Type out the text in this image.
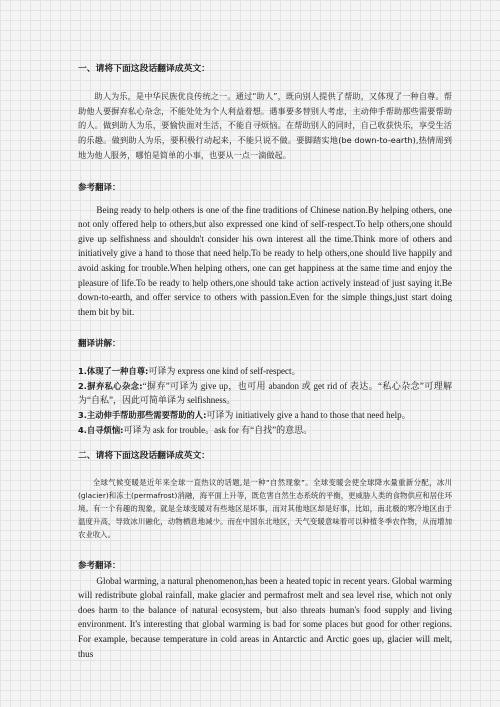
一、请将下面这段话翻译成英文：

助人为乐，是中华民族优良传统之一。通过“助人”，既向别人提供了帮助，又体现了一种自尊。帮助他人要摒弃私心杂念，不能处处为个人利益着想。遇事要多替别人考虑，主动伸手帮助那些需要帮助的人。做到助人为乐，要愉快面对生活，不能自寻烦恼。在帮助别人的同时，自己收获快乐，享受生活的乐趣。做到助人为乐，要积极行动起来，不能只说不做。要脚踏实地(be down-to-earth),热情周到地为他人服务，哪怕是简单的小事，也要从一点一滴做起。

参考翻译：

Being ready to help others is one of the fine traditions of Chinese nation.By helping others, one not only offered help to others,but also expressed one kind of self-respect.To help others,one should give up selfishness and shouldn't consider his own interest all the time.Think more of others and initiatively give a hand to those that need help.To be ready to help others,one should live happily and avoid asking for trouble.When helping others, one can get happiness at the same time and enjoy the pleasure of life.To be ready to help others,one should take action actively instead of just saying it.Be down-to-earth, and offer service to others with passion.Even for the simple things,just start doing them bit by bit.

翻译讲解：

1.体现了一种自尊:可译为 express one kind of self-respect。

2.摒弃私心杂念:“摒弃”可译为 give up，也可用 abandon 或 get rid of 表达。“私心杂念”可理解为“自私”，因此可简单译为 selfishness。

3.主动伸手帮助那些需要帮助的人:可译为 initiatively give a hand to those that need help。

4.自寻烦恼:可译为 ask for trouble。ask for 有“自找”的意思。

二、请将下面这段话翻译成英文：

全球气候变暖是近年来全球一直热议的话题,是一种“自然现象”。全球变暖会使全球降水量重新分配，冰川(glacier)和冻土(permafrost)消融，海平面上升等，既危害自然生态系统的平衡，更威胁人类的食物供应和居住环境。有一个有趣的现象，就是全球变暖对有些地区是坏事，而对其他地区却是好事，比如，南北极的寒冷地区由于温度升高，导致冰川融化，动物栖息地减少。而在中国东北地区，天气变暖意味着可以种植冬季农作物，从而增加农业收入。

参考翻译：

Global warming, a natural phenomenon,has been a heated topic in recent years. Global warming will redistribute global rainfall, make glacier and permafrost melt and sea level rise, which not only does harm to the balance of natural ecosystem, but also threats human's food supply and living environment. It's interesting that global warming is bad for some places but good for other regions. For example, because temperature in cold areas in Antarctic and Arctic goes up, glacier will melt, thus
